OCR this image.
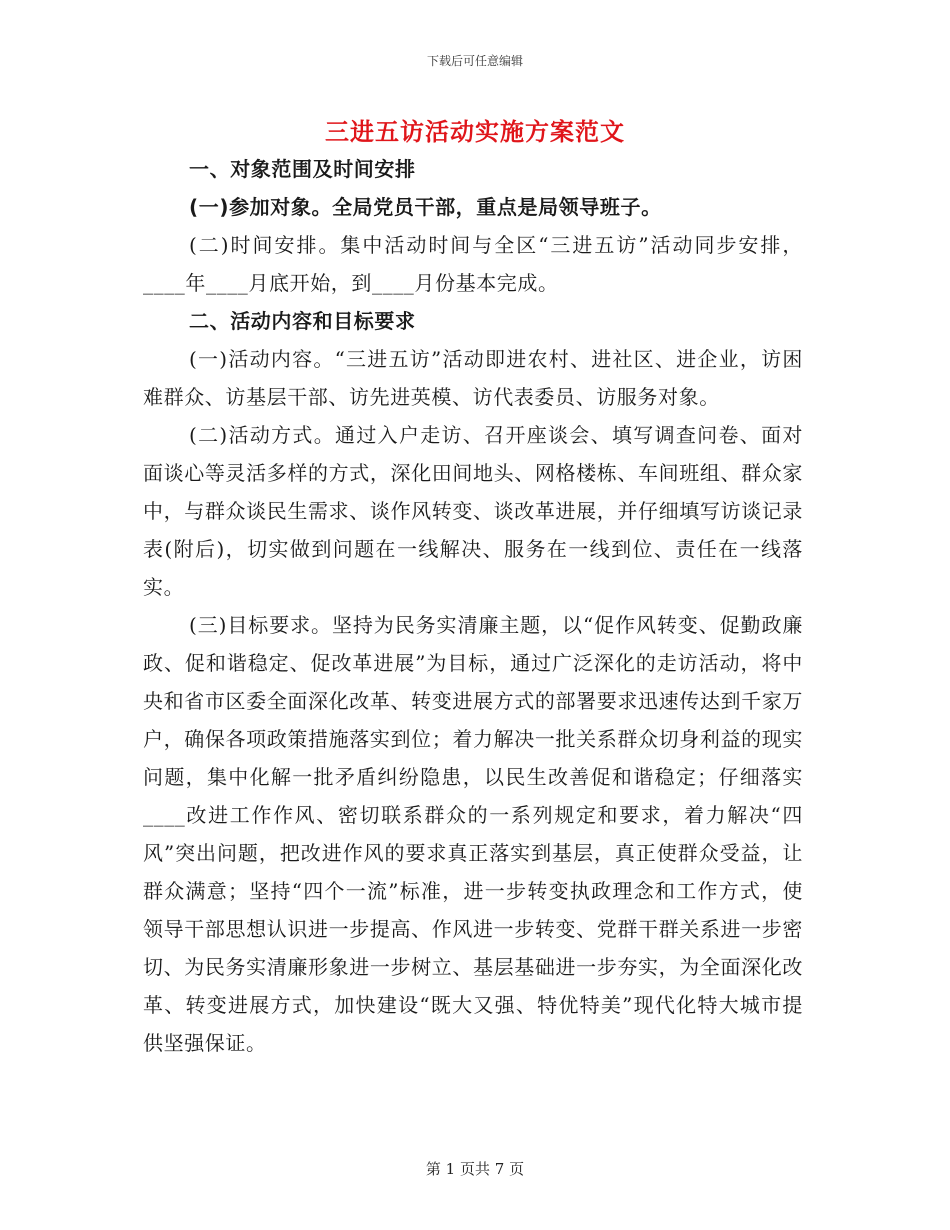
下载后可任意编辑
三进五访活动实施方案范文

一、对象范围及时间安排

(一)参加对象。全局党员干部，重点是局领导班子。

(二)时间安排。集中活动时间与全区“三进五访”活动同步安排，____年____月底开始，到____月份基本完成。

二、活动内容和目标要求

(一)活动内容。“三进五访”活动即进农村、进社区、进企业，访困难群众、访基层干部、访先进英模、访代表委员、访服务对象。

(二)活动方式。通过入户走访、召开座谈会、填写调查问卷、面对面谈心等灵活多样的方式，深化田间地头、网格楼栋、车间班组、群众家中，与群众谈民生需求、谈作风转变、谈改革进展，并仔细填写访谈记录表(附后)，切实做到问题在一线解决、服务在一线到位、责任在一线落实。

(三)目标要求。坚持为民务实清廉主题，以“促作风转变、促勤政廉政、促和谐稳定、促改革进展”为目标，通过广泛深化的走访活动，将中央和省市区委全面深化改革、转变进展方式的部署要求迅速传达到千家万户，确保各项政策措施落实到位；着力解决一批关系群众切身利益的现实问题，集中化解一批矛盾纠纷隐患，以民生改善促和谐稳定；仔细落实____改进工作作风、密切联系群众的一系列规定和要求，着力解决“四风”突出问题，把改进作风的要求真正落实到基层，真正使群众受益，让群众满意；坚持“四个一流”标准，进一步转变执政理念和工作方式，使领导干部思想认识进一步提高、作风进一步转变、党群干群关系进一步密切、为民务实清廉形象进一步树立、基层基础进一步夯实，为全面深化改革、转变进展方式，加快建设“既大又强、特优特美”现代化特大城市提供坚强保证。

第 1 页共 7 页
